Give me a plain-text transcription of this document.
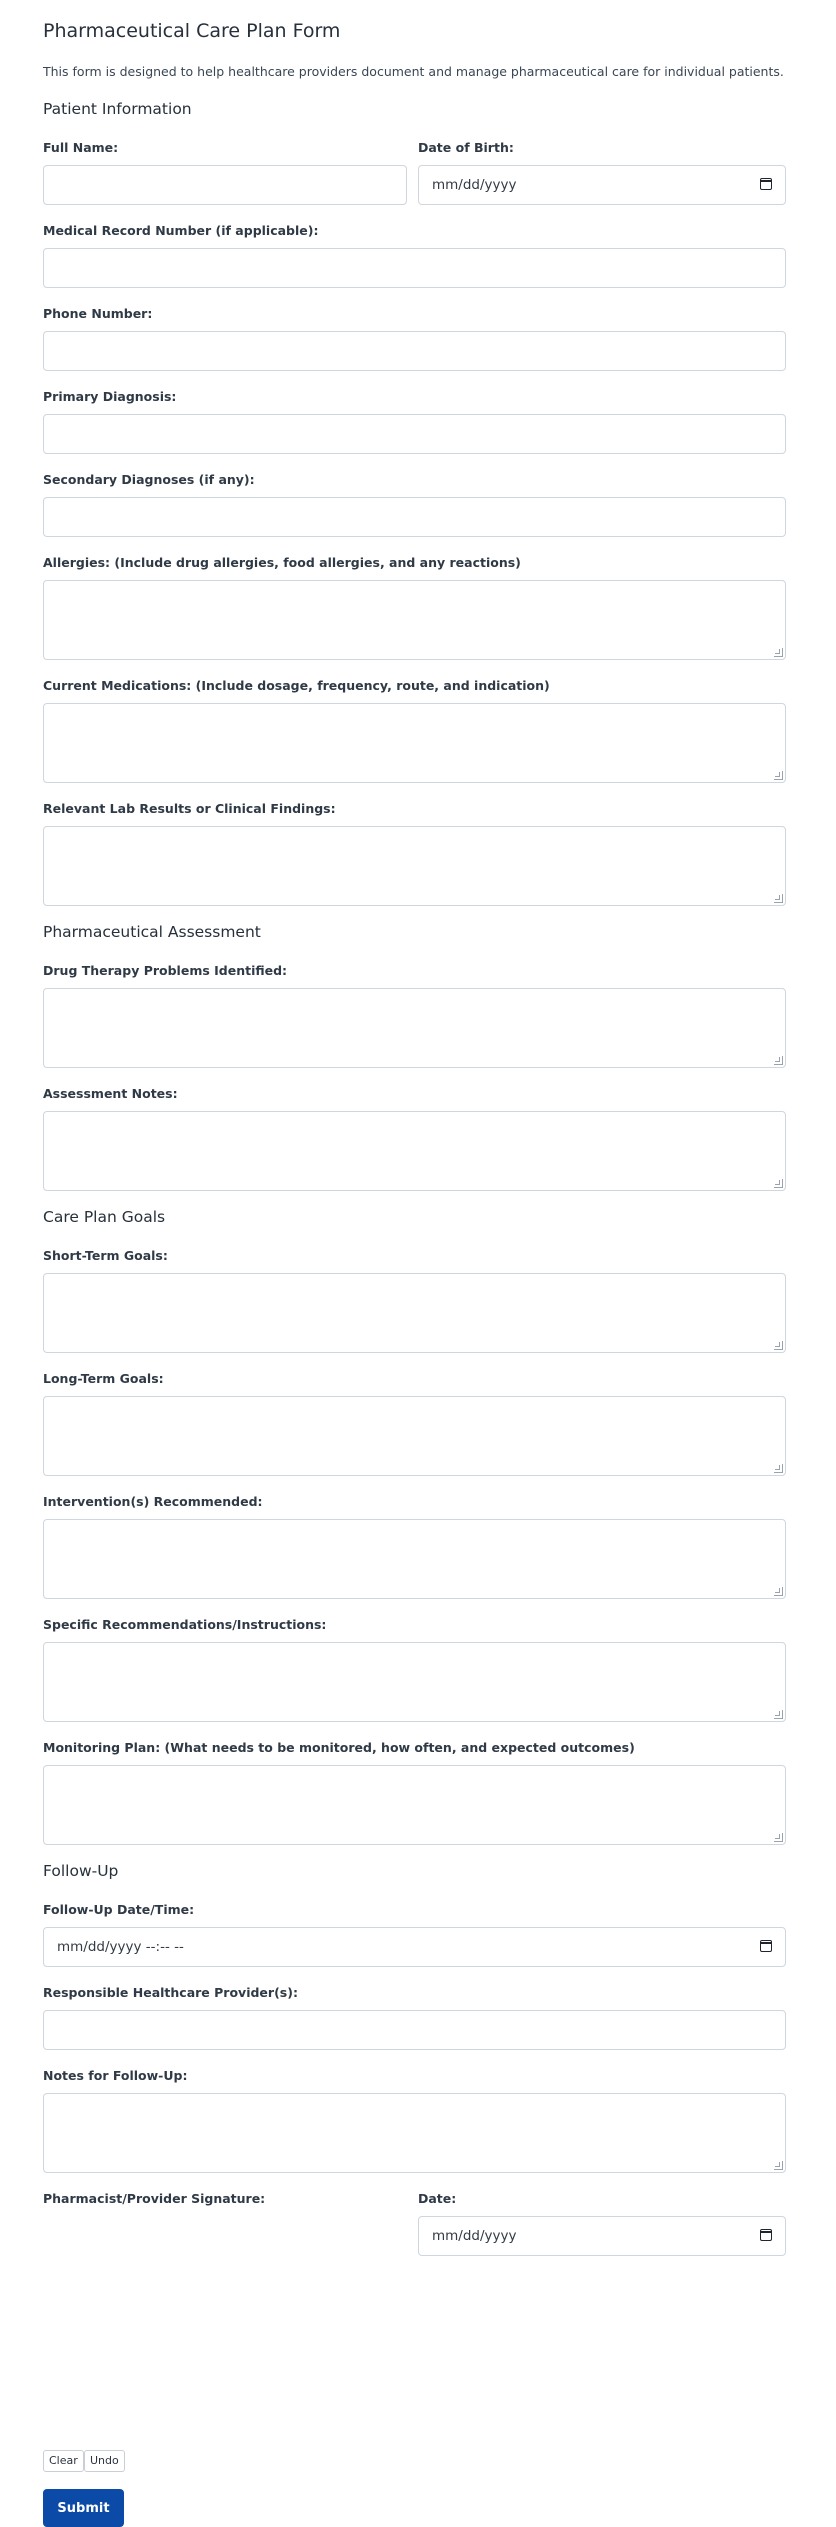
Pharmaceutical Care Plan Form

This form is designed to help healthcare providers document and manage pharmaceutical care for individual patients.

Patient Information
Full Name:	Date of Birth:
mm/dd/yyyy
Medical Record Number (if applicable):
Phone Number:
Primary Diagnosis:
Secondary Diagnoses (if any):
Allergies: (Include drug allergies, food allergies, and any reactions)
Current Medications: (Include dosage, frequency, route, and indication)
Relevant Lab Results or Clinical Findings:
Pharmaceutical Assessment
Drug Therapy Problems Identified:
Assessment Notes:
Care Plan Goals
Short-Term Goals:
Long-Term Goals:
Intervention(s) Recommended:
Specific Recommendations/Instructions:
Monitoring Plan: (What needs to be monitored, how often, and expected outcomes)
Follow-Up
Follow-Up Date/Time:
mm/dd/yyyy --:-- --
Responsible Healthcare Provider(s):
Notes for Follow-Up:
Pharmacist/Provider Signature:	Date:
mm/dd/yyyy
Clear	Undo
Submit
